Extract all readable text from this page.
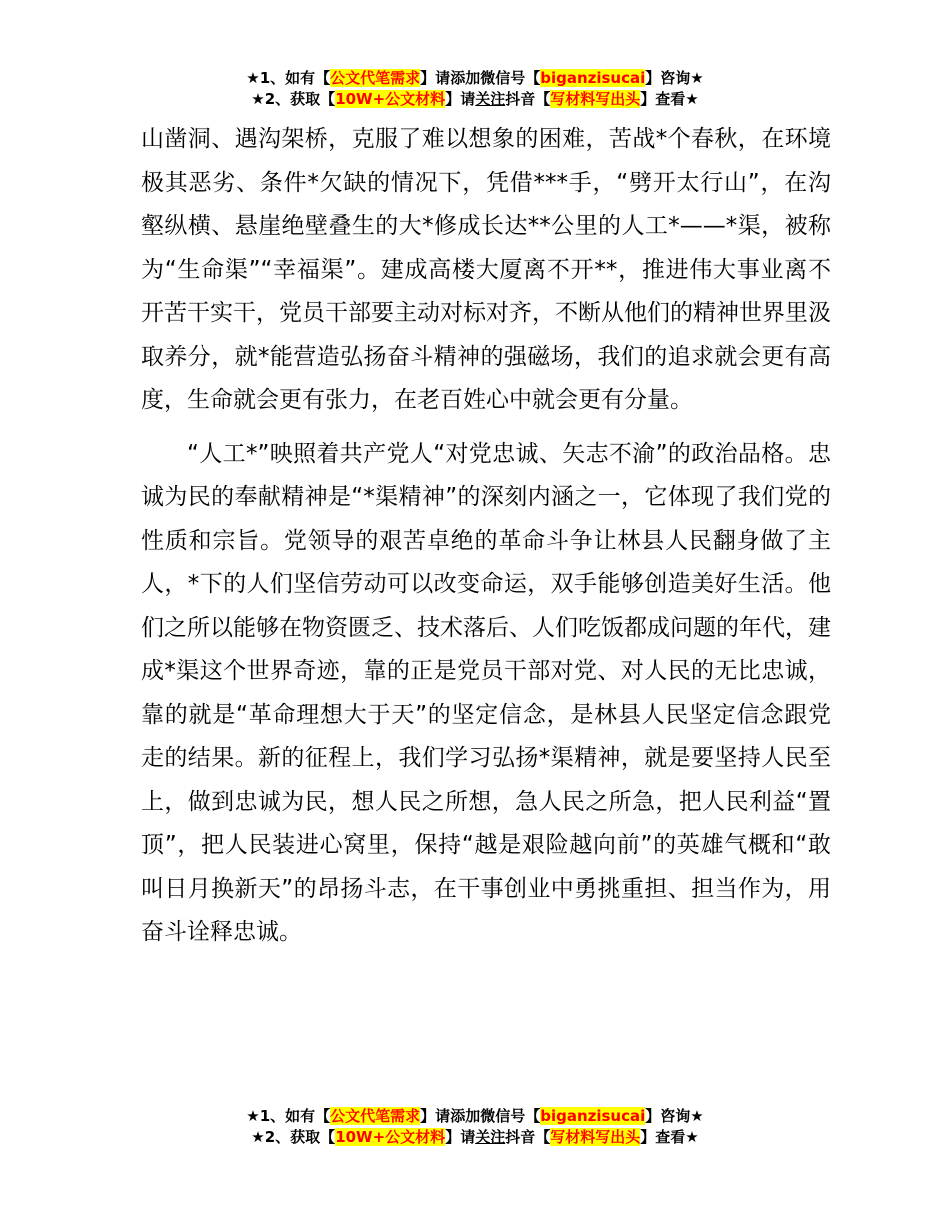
★1、如有【公文代笔需求】请添加微信号【biganzisucai】咨询★
★2、获取【10W+公文材料】请关注抖音【写材料写出头】查看★

山凿洞、遇沟架桥，克服了难以想象的困难，苦战*个春秋，在环境极其恶劣、条件*欠缺的情况下，凭借***手，“劈开太行山”，在沟壑纵横、悬崖绝壁叠生的大*修成长达**公里的人工*——*渠，被称为“生命渠”“幸福渠”。建成高楼大厦离不开**，推进伟大事业离不开苦干实干，党员干部要主动对标对齐，不断从他们的精神世界里汲取养分，就*能营造弘扬奋斗精神的强磁场，我们的追求就会更有高度，生命就会更有张力，在老百姓心中就会更有分量。

“人工*”映照着共产党人“对党忠诚、矢志不渝”的政治品格。忠诚为民的奉献精神是“*渠精神”的深刻内涵之一，它体现了我们党的性质和宗旨。党领导的艰苦卓绝的革命斗争让林县人民翻身做了主人，*下的人们坚信劳动可以改变命运，双手能够创造美好生活。他们之所以能够在物资匮乏、技术落后、人们吃饭都成问题的年代，建成*渠这个世界奇迹，靠的正是党员干部对党、对人民的无比忠诚，靠的就是“革命理想大于天”的坚定信念，是林县人民坚定信念跟党走的结果。新的征程上，我们学习弘扬*渠精神，就是要坚持人民至上，做到忠诚为民，想人民之所想，急人民之所急，把人民利益“置顶”，把人民装进心窝里，保持“越是艰险越向前”的英雄气概和“敢叫日月换新天”的昂扬斗志，在干事创业中勇挑重担、担当作为，用奋斗诠释忠诚。

★1、如有【公文代笔需求】请添加微信号【biganzisucai】咨询★
★2、获取【10W+公文材料】请关注抖音【写材料写出头】查看★
